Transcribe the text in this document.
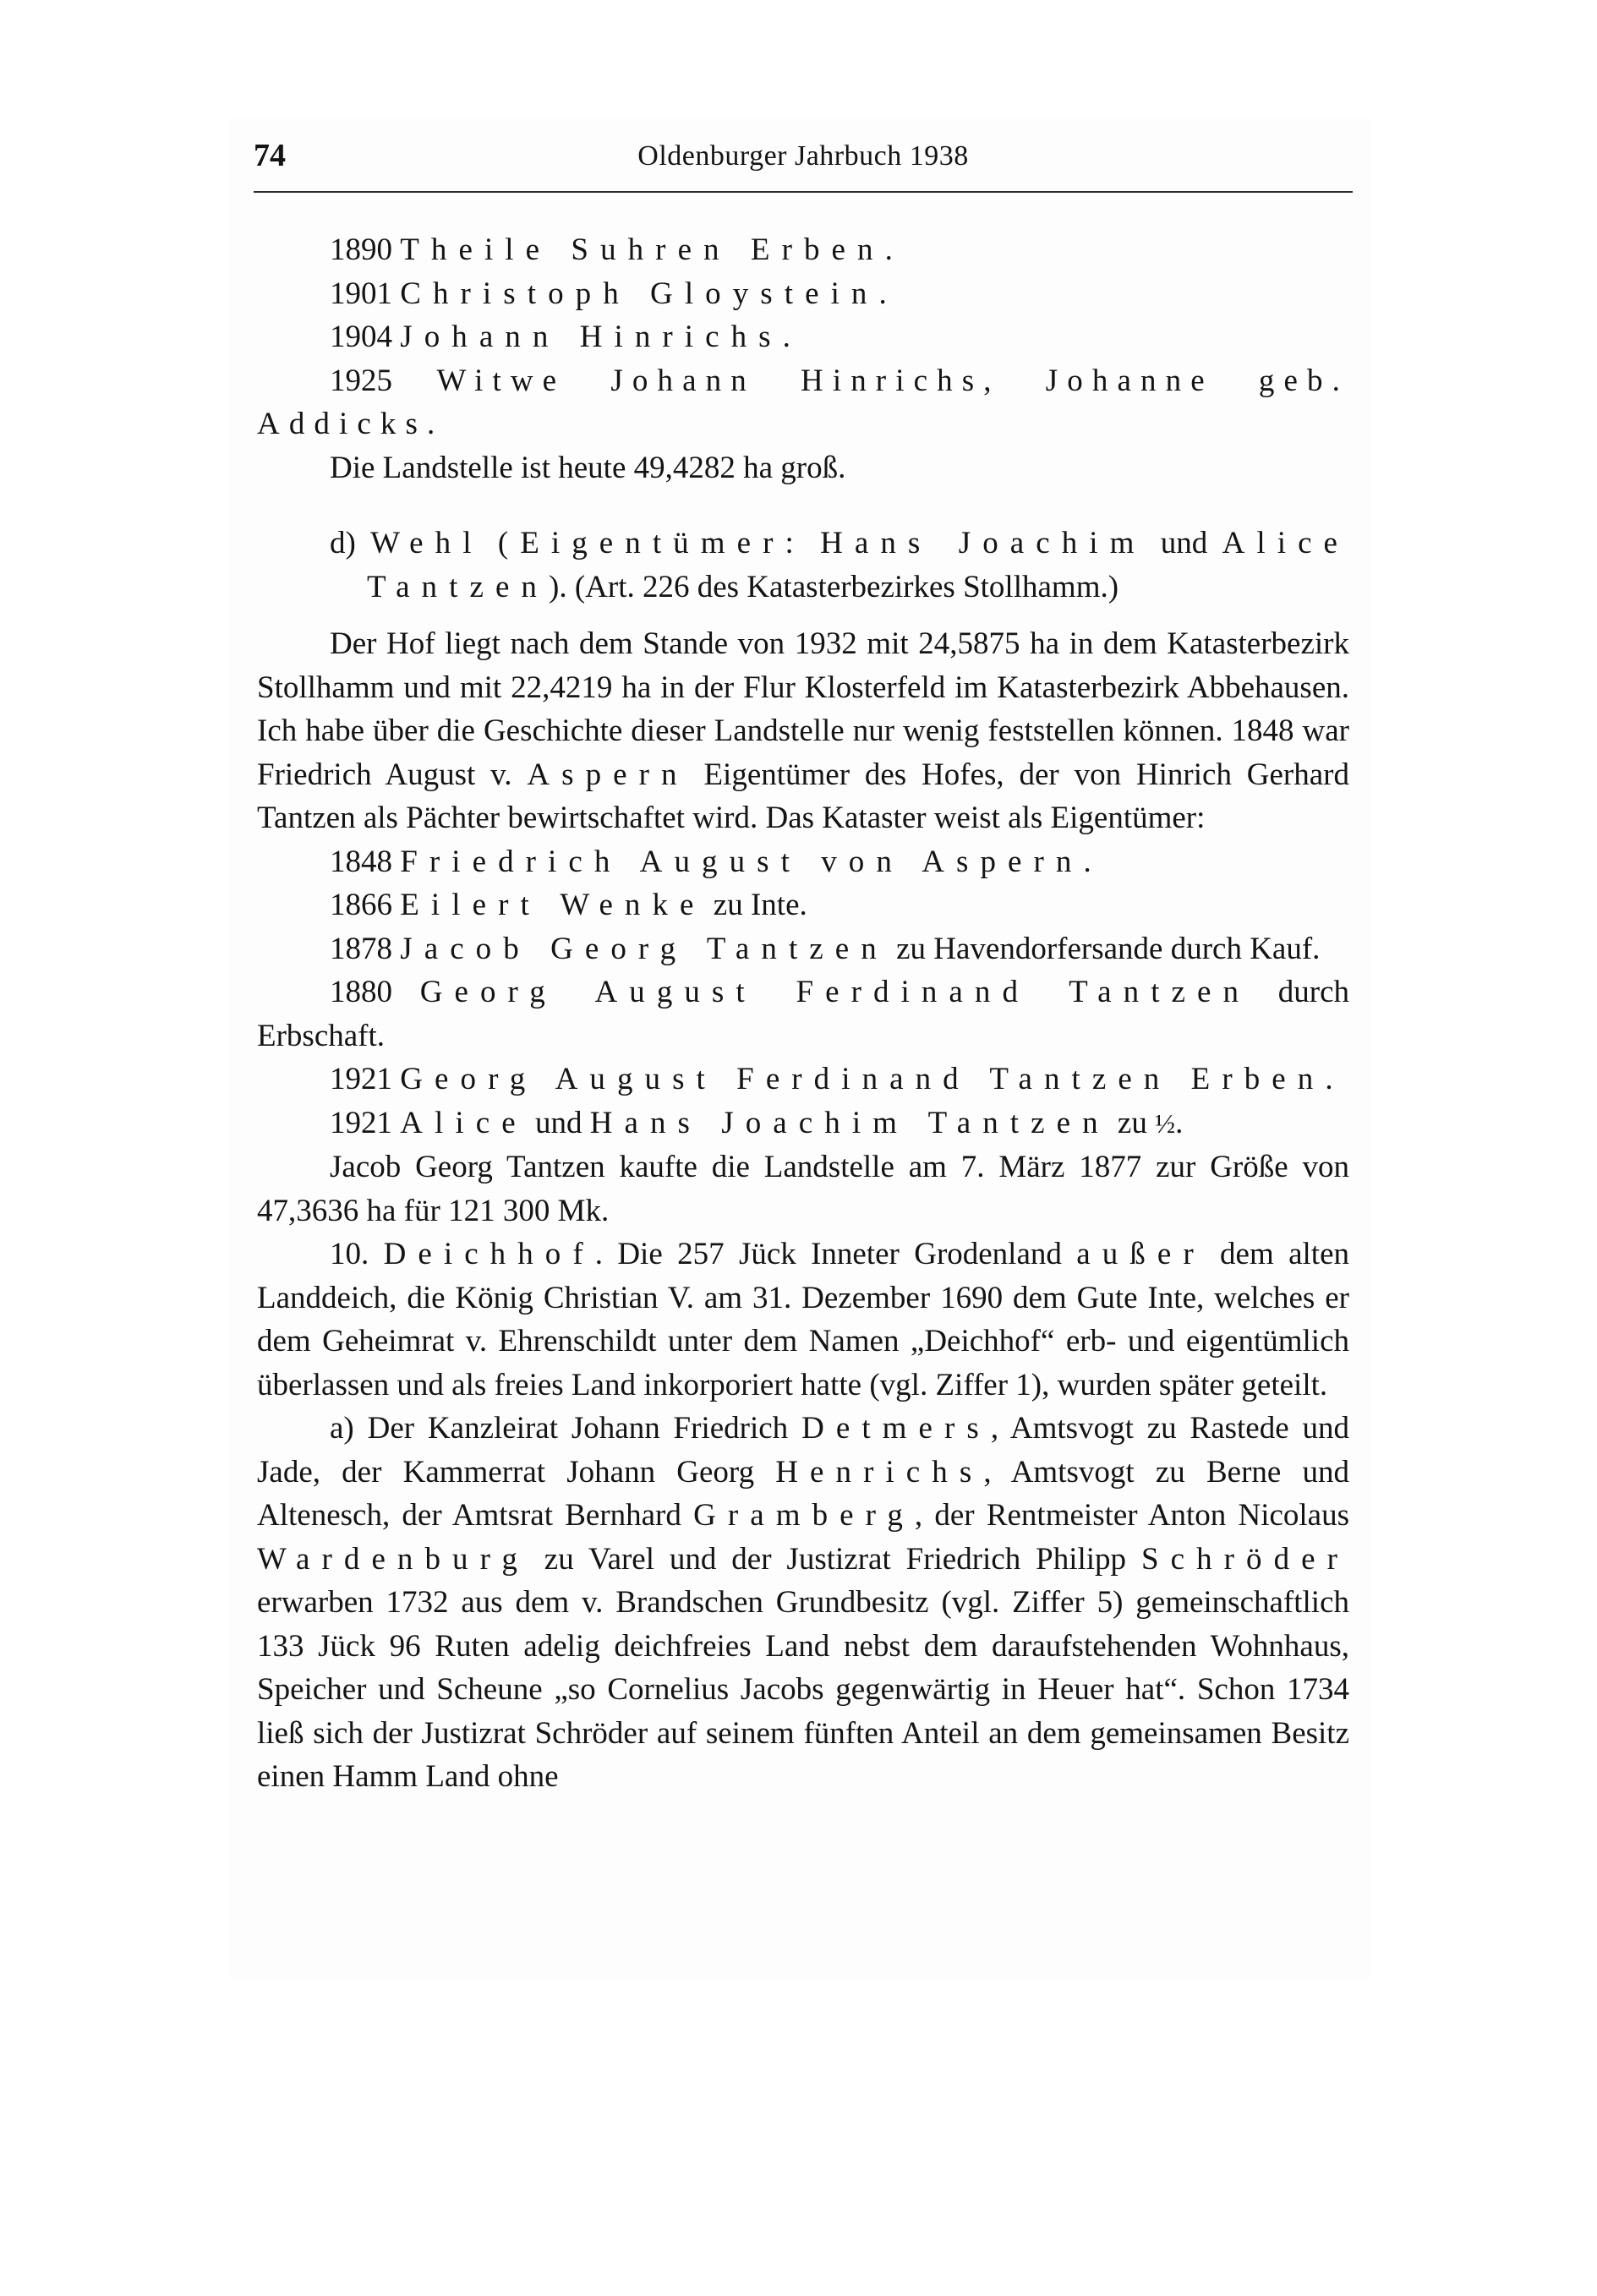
74	Oldenburger Jahrbuch 1938

1890 Theile Suhren Erben.

1901 Christoph Gloystein.

1904 Johann Hinrichs.

1925 Witwe Johann Hinrichs, Johanne geb. Addicks.

Die Landstelle ist heute 49,4282 ha groß.

d) Wehl (Eigentümer: Hans Joachim und Alice Tantzen). (Art. 226 des Katasterbezirkes Stollhamm.)

Der Hof liegt nach dem Stande von 1932 mit 24,5875 ha in dem Katasterbezirk Stollhamm und mit 22,4219 ha in der Flur Klosterfeld im Katasterbezirk Abbehausen. Ich habe über die Geschichte dieser Landstelle nur wenig feststellen können. 1848 war Friedrich August v. Aspern Eigentümer des Hofes, der von Hinrich Gerhard Tantzen als Pächter bewirtschaftet wird. Das Kataster weist als Eigentümer:

1848 Friedrich August von Aspern.

1866 Eilert Wenke zu Inte.

1878 Jacob Georg Tantzen zu Havendorfersande durch Kauf.

1880 Georg August Ferdinand Tantzen durch Erbschaft.

1921 Georg August Ferdinand Tantzen Erben.

1921 Alice und Hans Joachim Tantzen zu ½.

Jacob Georg Tantzen kaufte die Landstelle am 7. März 1877 zur Größe von 47,3636 ha für 121 300 Mk.

10. Deichhof. Die 257 Jück Inneter Grodenland außer dem alten Landdeich, die König Christian V. am 31. Dezember 1690 dem Gute Inte, welches er dem Geheimrat v. Ehrenschildt unter dem Namen „Deichhof“ erb- und eigentümlich überlassen und als freies Land inkorporiert hatte (vgl. Ziffer 1), wurden später geteilt.

a) Der Kanzleirat Johann Friedrich Detmers, Amtsvogt zu Rastede und Jade, der Kammerrat Johann Georg Henrichs, Amtsvogt zu Berne und Altenesch, der Amtsrat Bernhard Gramberg, der Rentmeister Anton Nicolaus Wardenburg zu Varel und der Justizrat Friedrich Philipp Schröder erwarben 1732 aus dem v. Brandschen Grundbesitz (vgl. Ziffer 5) gemeinschaftlich 133 Jück 96 Ruten adelig deichfreies Land nebst dem daraufstehenden Wohnhaus, Speicher und Scheune „so Cornelius Jacobs gegenwärtig in Heuer hat“. Schon 1734 ließ sich der Justizrat Schröder auf seinem fünften Anteil an dem gemeinsamen Besitz einen Hamm Land ohne
